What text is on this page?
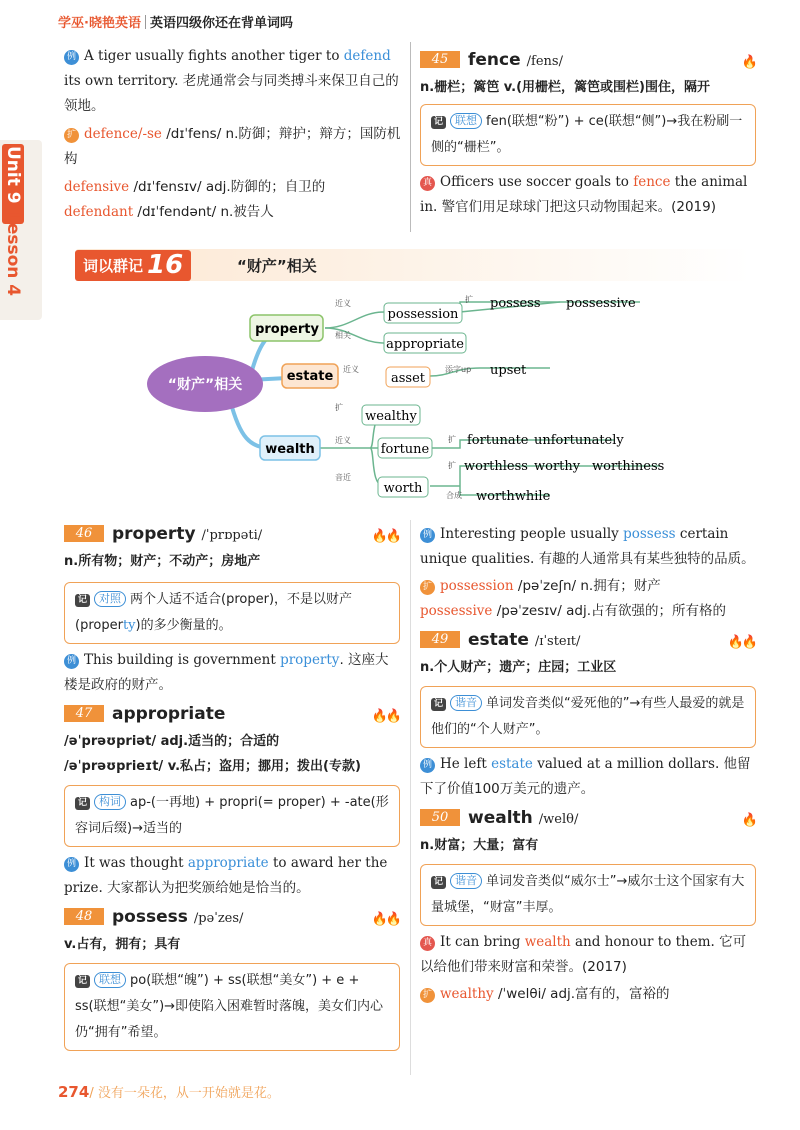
学巫·晓艳英语 英语四级你还在背单词吗
Unit 9Lesson 4
例 A tiger usually fights another tiger to defend its own territory. 老虎通常会与同类搏斗来保卫自己的领地。
扩 defence/-se /dɪˈfens/ n.防御；辩护；辩方；国防机构
defensive /dɪˈfensɪv/ adj.防御的；自卫的
defendant /dɪˈfendənt/ n.被告人
45 fence /fens/	🔥
n.栅栏；篱笆 v.(用栅栏，篱笆或围栏)围住，隔开
记 联想 fen(联想“粉”) + ce(联想“侧”)→我在粉刷一侧的“栅栏”。
真 Officers use soccer goals to fence the animal in. 警官们用足球球门把这只动物围起来。(2019)
词以群记 16	“财产”相关
“财产”相关
property
estate
wealth
possession
appropriate
asset
wealthy
fortune
worth
possess possessive
upset
fortunate unfortunately
worthless worthy worthiness
worthwhile
近义
相关
扩
近义	添字up
扩
近义
音近
扩
扩
合成
46 property /ˈprɒpəti/	🔥🔥
n.所有物；财产；不动产；房地产
记 对照 两个人适不适合(proper)，不是以财产(property)的多少衡量的。
例 This building is government property. 这座大楼是政府的财产。
47 appropriate	🔥🔥
/əˈprəʊpriət/ adj.适当的；合适的
/əˈprəʊprieɪt/ v.私占；盗用；挪用；拨出(专款)
记 构词 ap-(一再地) + propri(= proper) + -ate(形容词后缀)→适当的
例 It was thought appropriate to award her the prize. 大家都认为把奖颁给她是恰当的。
48 possess /pəˈzes/	🔥🔥
v.占有，拥有；具有
记 联想 po(联想“魄”) + ss(联想“美女”) + e + ss(联想“美女”)→即使陷入困难暂时落魄，美女们内心仍“拥有”希望。
例 Interesting people usually possess certain unique qualities. 有趣的人通常具有某些独特的品质。
扩 possession /pəˈzeʃn/ n.拥有；财产
possessive /pəˈzesɪv/ adj.占有欲强的；所有格的
49 estate /ɪˈsteɪt/	🔥🔥
n.个人财产；遗产；庄园；工业区
记 谐音 单词发音类似“爱死他的”→有些人最爱的就是他们的“个人财产”。
例 He left estate valued at a million dollars. 他留下了价值100万美元的遗产。
50 wealth /welθ/	🔥
n.财富；大量；富有
记 谐音 单词发音类似“威尔士”→威尔士这个国家有大量城堡，“财富”丰厚。
真 It can bring wealth and honour to them. 它可以给他们带来财富和荣誉。(2017)
扩 wealthy /ˈwelθi/ adj.富有的，富裕的
274/ 没有一朵花，从一开始就是花。
